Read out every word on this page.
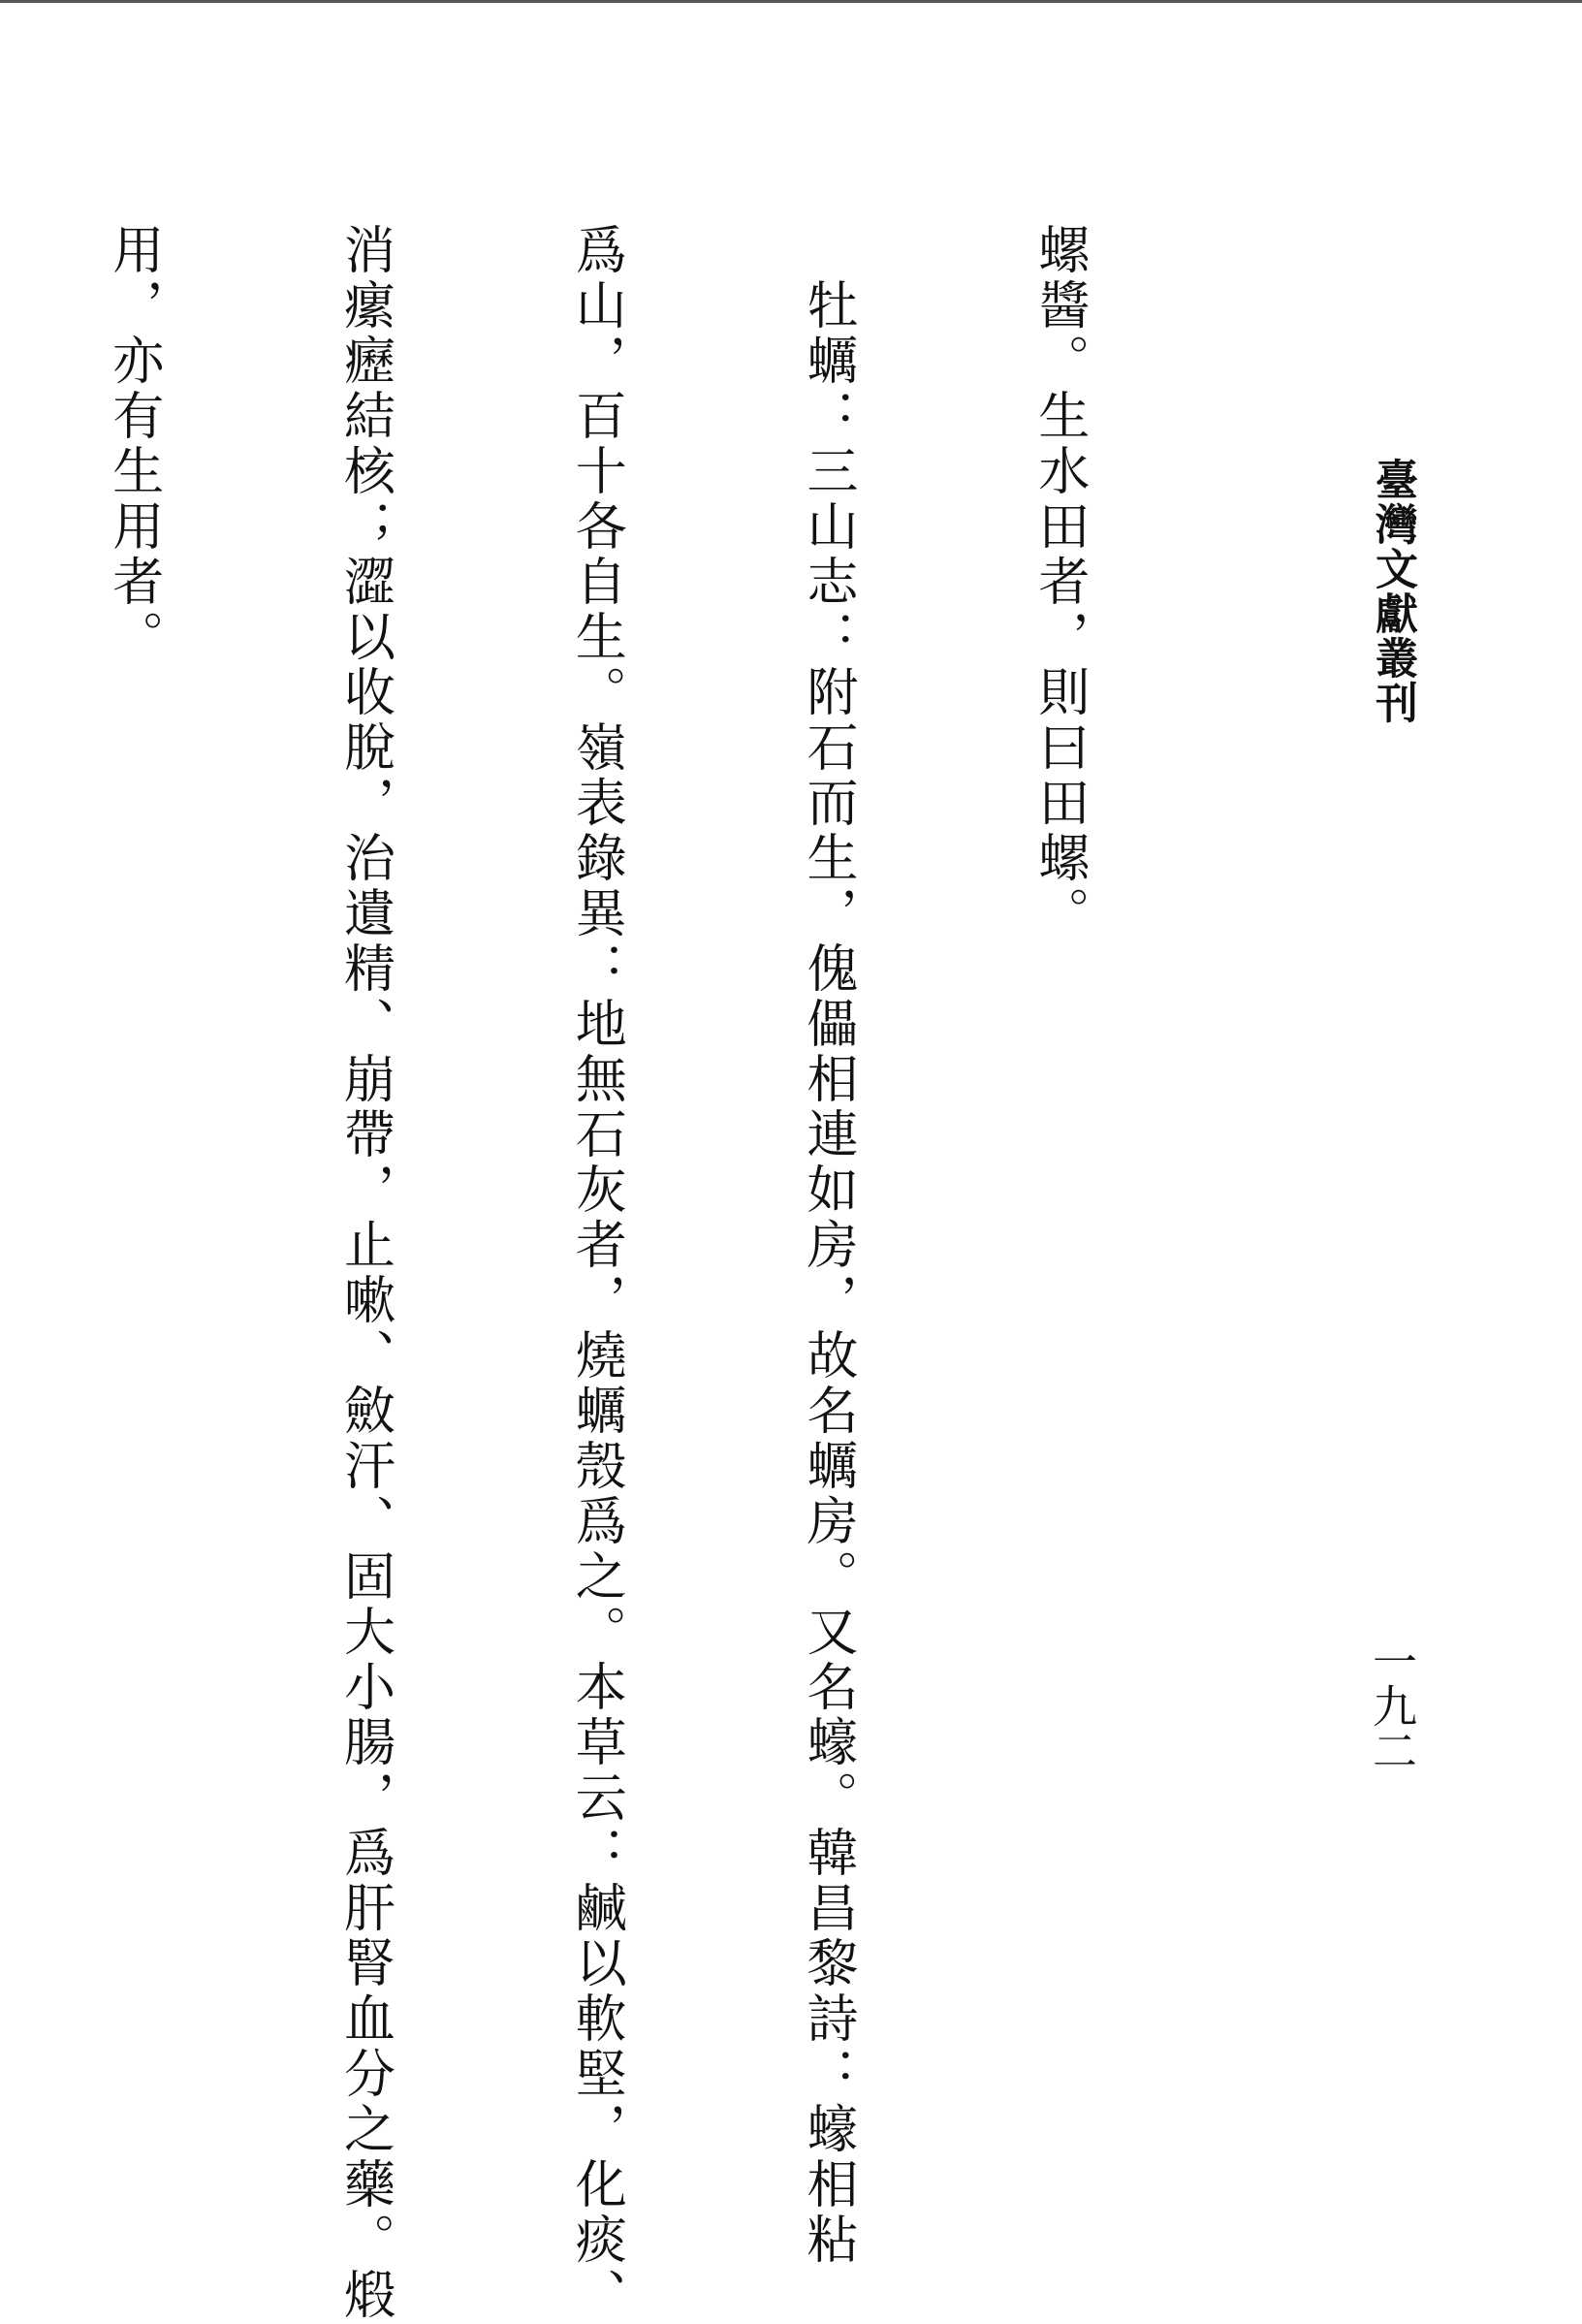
臺灣文獻叢刊
一九二

螺醬。生水田者，則曰田螺。

　牡蠣：三山志：附石而生，傀儡相連如房，故名蠣房。又名蠔。韓昌黎詩：蠔相粘

爲山，百十各自生。嶺表錄異：地無石灰者，燒蠣殼爲之。本草云：鹹以軟堅，化痰、

消瘰癧結核；澀以收脫，治遺精、崩帶，止嗽、斂汗、固大小腸，爲肝腎血分之藥。煅

用，亦有生用者。
